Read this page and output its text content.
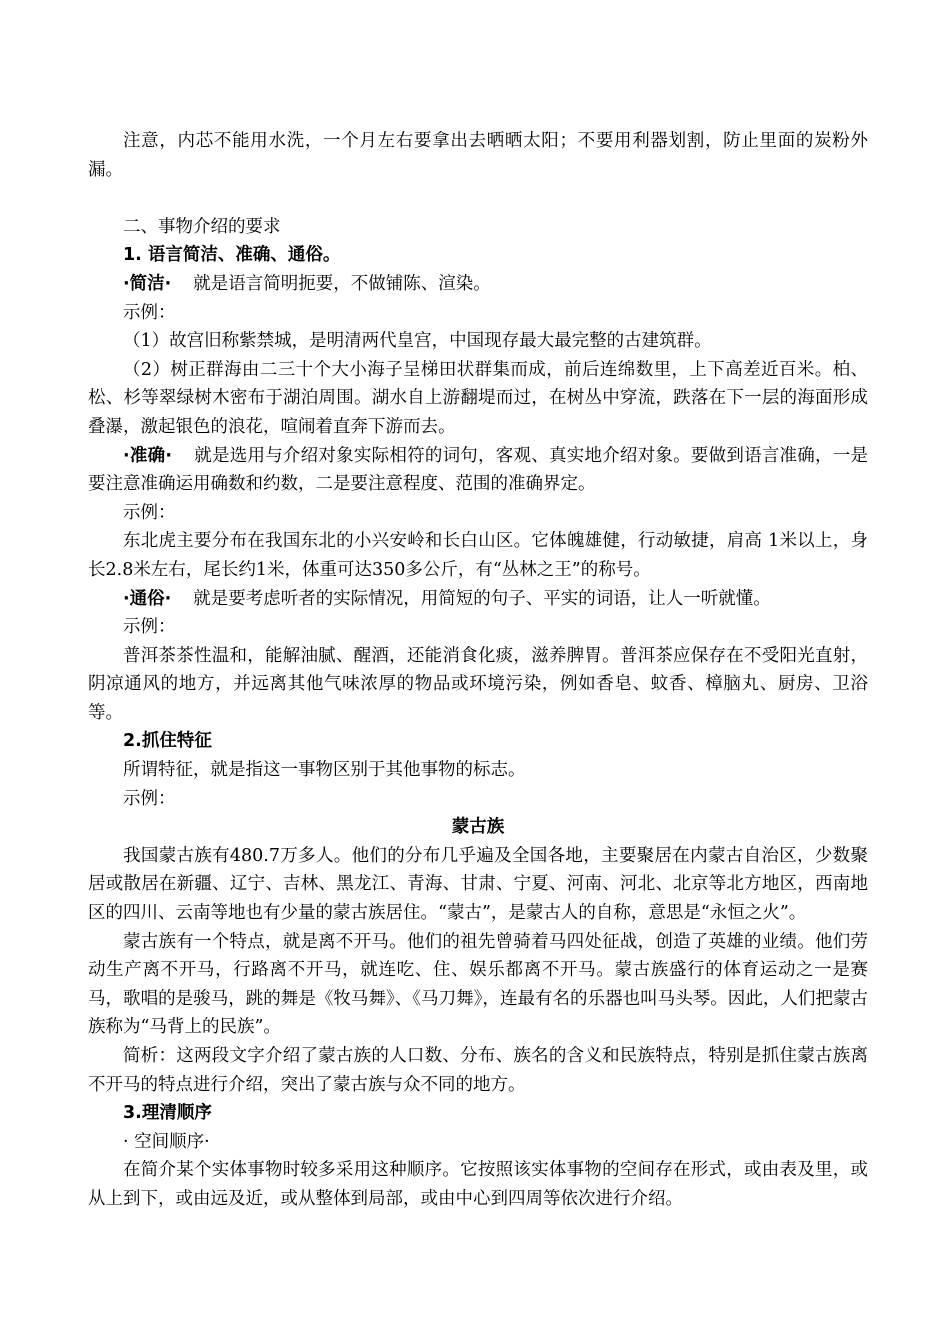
注意，内芯不能用水洗，一个月左右要拿出去晒晒太阳；不要用利器划割，防止里面的炭粉外漏。

二、事物介绍的要求

1. 语言简洁、准确、通俗。

·简洁· 就是语言简明扼要，不做铺陈、渲染。

示例：

（1）故宫旧称紫禁城，是明清两代皇宫，中国现存最大最完整的古建筑群。

（2）树正群海由二三十个大小海子呈梯田状群集而成，前后连绵数里，上下高差近百米。柏、松、杉等翠绿树木密布于湖泊周围。湖水自上游翻堤而过，在树丛中穿流，跌落在下一层的海面形成叠瀑，激起银色的浪花，喧闹着直奔下游而去。

·准确· 就是选用与介绍对象实际相符的词句，客观、真实地介绍对象。要做到语言准确，一是要注意准确运用确数和约数，二是要注意程度、范围的准确界定。

示例：

东北虎主要分布在我国东北的小兴安岭和长白山区。它体魄雄健，行动敏捷，肩高 1米以上，身长2.8米左右，尾长约1米，体重可达350多公斤，有“丛林之王”的称号。

·通俗· 就是要考虑听者的实际情况，用简短的句子、平实的词语，让人一听就懂。

示例：

普洱茶茶性温和，能解油腻、醒酒，还能消食化痰，滋养脾胃。普洱茶应保存在不受阳光直射，阴凉通风的地方，并远离其他气味浓厚的物品或环境污染，例如香皂、蚊香、樟脑丸、厨房、卫浴等。

2.抓住特征

所谓特征，就是指这一事物区别于其他事物的标志。

示例：

蒙古族

我国蒙古族有480.7万多人。他们的分布几乎遍及全国各地，主要聚居在内蒙古自治区，少数聚居或散居在新疆、辽宁、吉林、黑龙江、青海、甘肃、宁夏、河南、河北、北京等北方地区，西南地区的四川、云南等地也有少量的蒙古族居住。“蒙古”，是蒙古人的自称，意思是“永恒之火”。

蒙古族有一个特点，就是离不开马。他们的祖先曾骑着马四处征战，创造了英雄的业绩。他们劳动生产离不开马，行路离不开马，就连吃、住、娱乐都离不开马。蒙古族盛行的体育运动之一是赛马，歌唱的是骏马，跳的舞是《牧马舞》、《马刀舞》，连最有名的乐器也叫马头琴。因此，人们把蒙古族称为“马背上的民族”。

简析：这两段文字介绍了蒙古族的人口数、分布、族名的含义和民族特点，特别是抓住蒙古族离不开马的特点进行介绍，突出了蒙古族与众不同的地方。

3.理清顺序

· 空间顺序·

在简介某个实体事物时较多采用这种顺序。它按照该实体事物的空间存在形式，或由表及里，或从上到下，或由远及近，或从整体到局部，或由中心到四周等依次进行介绍。
